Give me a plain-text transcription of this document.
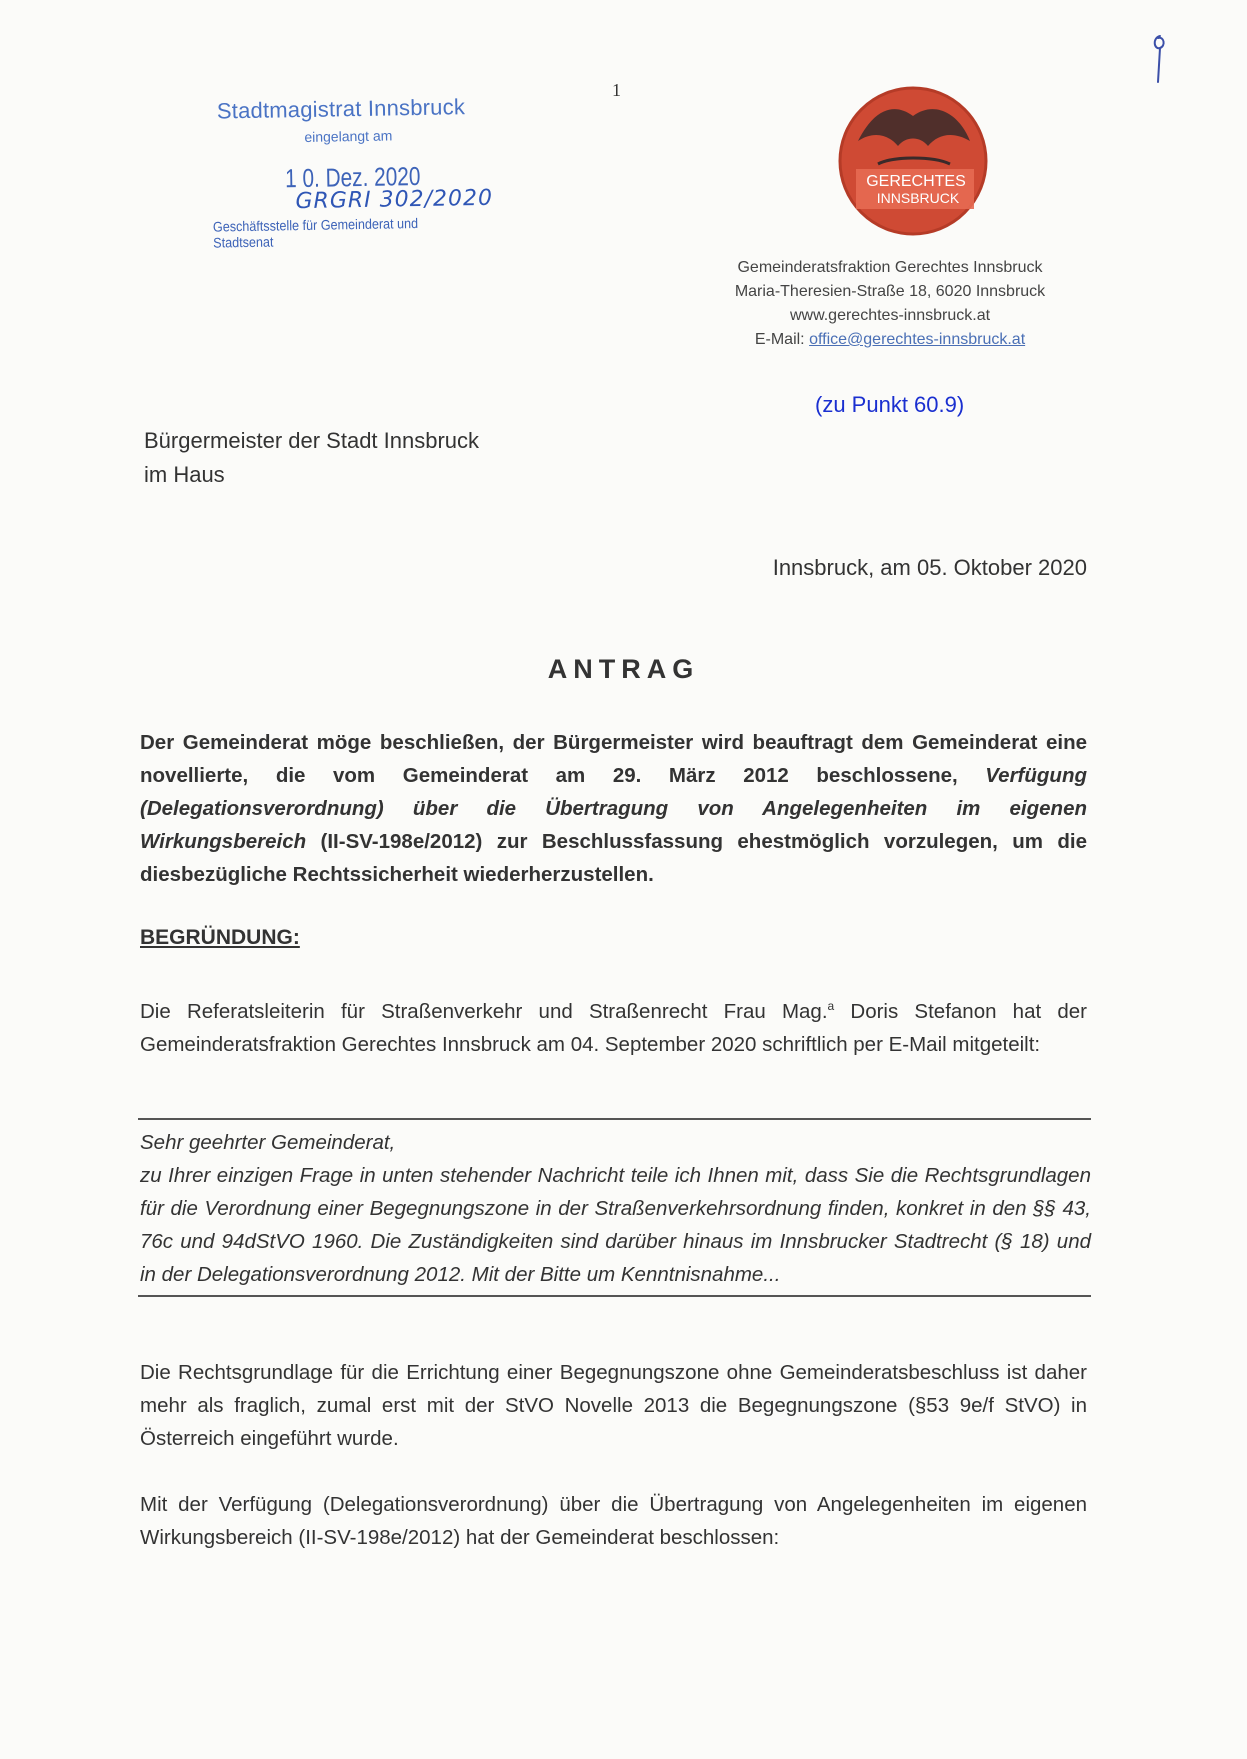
1
Stadtmagistrat Innsbruck
eingelangt am
1 0. Dez. 2020
GRGRI 302/2020
Geschäftsstelle für Gemeinderat und Stadtsenat
GERECHTES
INNSBRUCK
Gemeinderatsfraktion Gerechtes Innsbruck
Maria-Theresien-Straße 18, 6020 Innsbruck
www.gerechtes-innsbruck.at
E-Mail: office@gerechtes-innsbruck.at
(zu Punkt 60.9)
Bürgermeister der Stadt Innsbruck
im Haus
Innsbruck, am 05. Oktober 2020
ANTRAG
Der Gemeinderat möge beschließen, der Bürgermeister wird beauftragt dem Gemeinderat eine novellierte, die vom Gemeinderat am 29. März 2012 beschlossene, Verfügung (Delegationsverordnung) über die Übertragung von Angelegenheiten im eigenen Wirkungsbereich (II-SV-198e/2012) zur Beschlussfassung ehestmöglich vorzulegen, um die diesbezügliche Rechtssicherheit wiederherzustellen.
BEGRÜNDUNG:
Die Referatsleiterin für Straßenverkehr und Straßenrecht Frau Mag.$^a$ Doris Stefanon hat der Gemeinderatsfraktion Gerechtes Innsbruck am 04. September 2020 schriftlich per E-Mail mitgeteilt:

Sehr geehrter Gemeinderat,

zu Ihrer einzigen Frage in unten stehender Nachricht teile ich Ihnen mit, dass Sie die Rechtsgrundlagen für die Verordnung einer Begegnungszone in der Straßenverkehrsordnung finden, konkret in den §§ 43, 76c und 94dStVO 1960. Die Zuständigkeiten sind darüber hinaus im Innsbrucker Stadtrecht (§ 18) und in der Delegationsverordnung 2012. Mit der Bitte um Kenntnisnahme...

Die Rechtsgrundlage für die Errichtung einer Begegnungszone ohne Gemeinderatsbeschluss ist daher mehr als fraglich, zumal erst mit der StVO Novelle 2013 die Begegnungszone (§53 9e/f StVO) in Österreich eingeführt wurde.
Mit der Verfügung (Delegationsverordnung) über die Übertragung von Angelegenheiten im eigenen Wirkungsbereich (II-SV-198e/2012) hat der Gemeinderat beschlossen:
